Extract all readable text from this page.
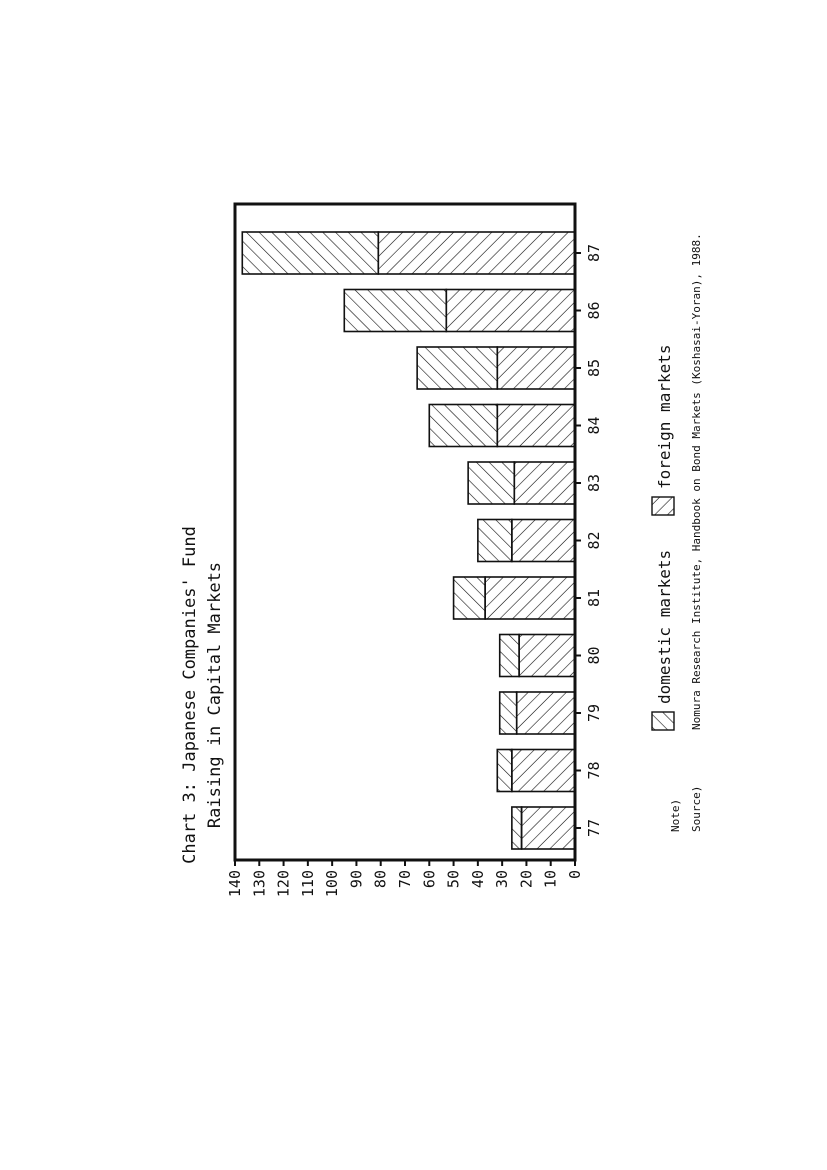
Chart 3: Japanese Companies' Fund Raising in Capital Markets
0
10
20
30
40
50
60
70
80
90
100
110
120
130
140
77
78
79
80
81
82
83
84
85
86
87
domestic markets
foreign markets
Note) Source)
Nomura Research Institute, Handbook on Bond Markets (Koshasai-Yoran), 1988.
